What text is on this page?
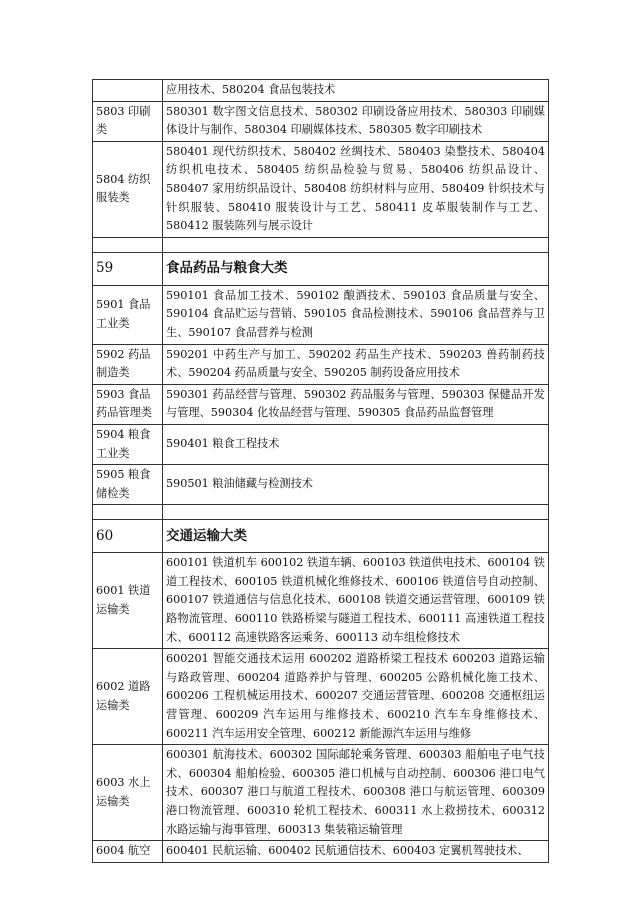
	应用技术、580204 食品包装技术
5803 印刷类	580301 数字图文信息技术、580302 印刷设备应用技术、580303 印刷媒体设计与制作、580304 印刷媒体技术、580305 数字印刷技术
5804 纺织服装类	580401 现代纺织技术、580402 丝绸技术、580403 染整技术、580404 纺织机电技术、580405 纺织品检验与贸易、580406 纺织品设计、580407 家用纺织品设计、580408 纺织材料与应用、580409 针织技术与针织服装、580410 服装设计与工艺、580411 皮革服装制作与工艺、580412 服装陈列与展示设计

59	食品药品与粮食大类
5901 食品工业类	590101 食品加工技术、590102 酿酒技术、590103 食品质量与安全、590104 食品贮运与营销、590105 食品检测技术、590106 食品营养与卫生、590107 食品营养与检测
5902 药品制造类	590201 中药生产与加工、590202 药品生产技术、590203 兽药制药技术、590204 药品质量与安全、590205 制药设备应用技术
5903 食品药品管理类	590301 药品经营与管理、590302 药品服务与管理、590303 保健品开发与管理、590304 化妆品经营与管理、590305 食品药品监督管理
5904 粮食工业类	590401 粮食工程技术
5905 粮食储检类	590501 粮油储藏与检测技术

60	交通运输大类
6001 铁道运输类	600101 铁道机车 600102 铁道车辆、600103 铁道供电技术、600104 铁道工程技术、600105 铁道机械化维修技术、600106 铁道信号自动控制、600107 铁道通信与信息化技术、600108 铁道交通运营管理、600109 铁路物流管理、600110 铁路桥梁与隧道工程技术、600111 高速铁道工程技术、600112 高速铁路客运乘务、600113 动车组检修技术
6002 道路运输类	600201 智能交通技术运用 600202 道路桥梁工程技术 600203 道路运输与路政管理、600204 道路养护与管理、600205 公路机械化施工技术、600206 工程机械运用技术、600207 交通运营管理、600208 交通枢纽运营管理、600209 汽车运用与维修技术、600210 汽车车身维修技术、600211 汽车运用安全管理、600212 新能源汽车运用与维修
6003 水上运输类	600301 航海技术、600302 国际邮轮乘务管理、600303 船舶电子电气技术、600304 船舶检验、600305 港口机械与自动控制、600306 港口电气技术、600307 港口与航道工程技术、600308 港口与航运管理、600309 港口物流管理、600310 轮机工程技术、600311 水上救捞技术、600312 水路运输与海事管理、600313 集装箱运输管理
6004 航空	600401 民航运输、600402 民航通信技术、600403 定翼机驾驶技术、
